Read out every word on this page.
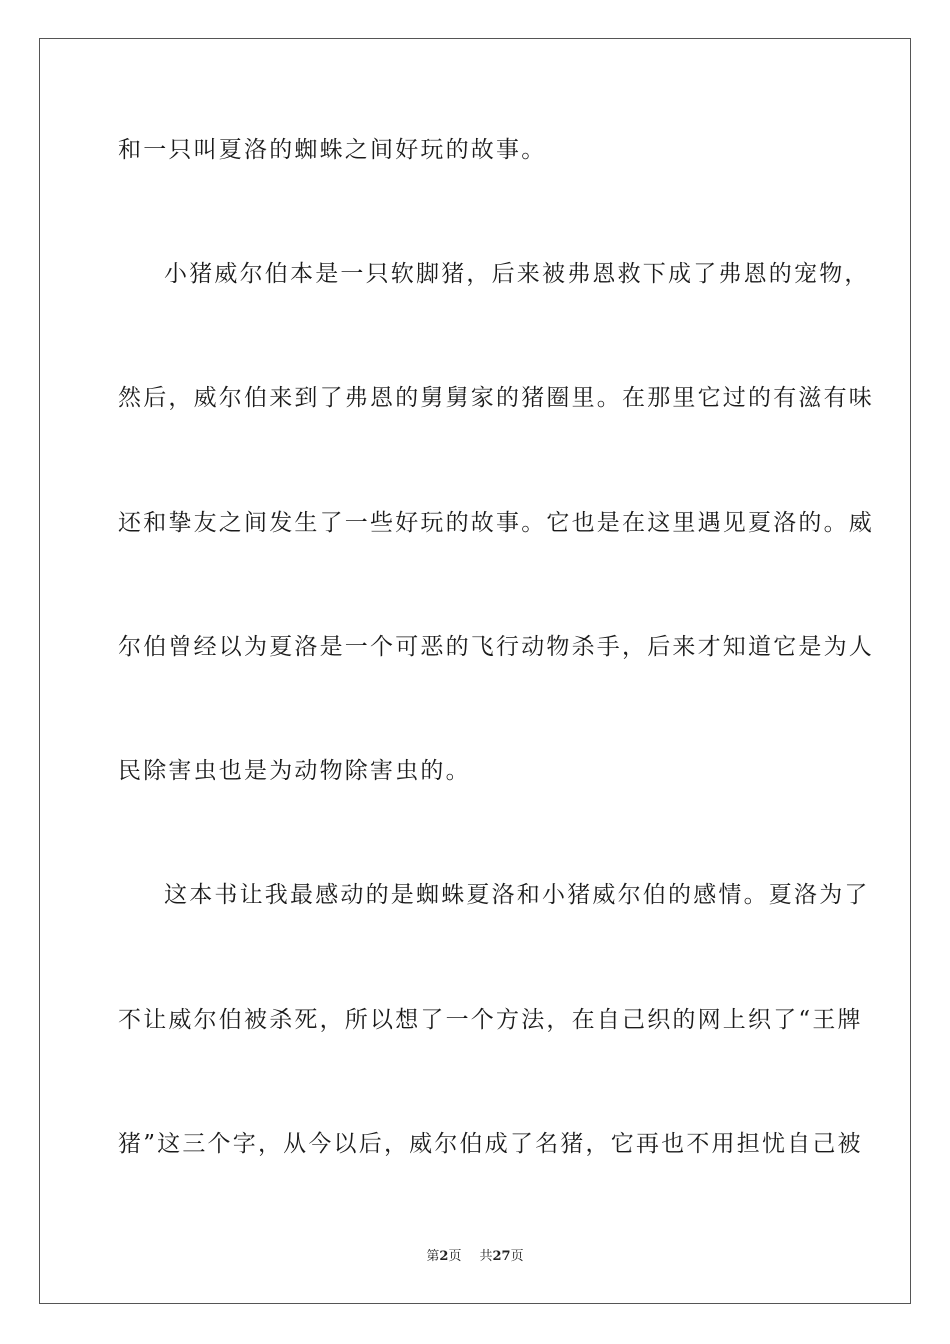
和一只叫夏洛的蜘蛛之间好玩的故事。
小猪威尔伯本是一只软脚猪，后来被弗恩救下成了弗恩的宠物，
然后，威尔伯来到了弗恩的舅舅家的猪圈里。在那里它过的有滋有味
还和挚友之间发生了一些好玩的故事。它也是在这里遇见夏洛的。威
尔伯曾经以为夏洛是一个可恶的飞行动物杀手，后来才知道它是为人
民除害虫也是为动物除害虫的。
这本书让我最感动的是蜘蛛夏洛和小猪威尔伯的感情。夏洛为了
不让威尔伯被杀死，所以想了一个方法，在自己织的网上织了“王牌
猪”这三个字，从今以后，威尔伯成了名猪，它再也不用担忧自己被
第2页 共27页
